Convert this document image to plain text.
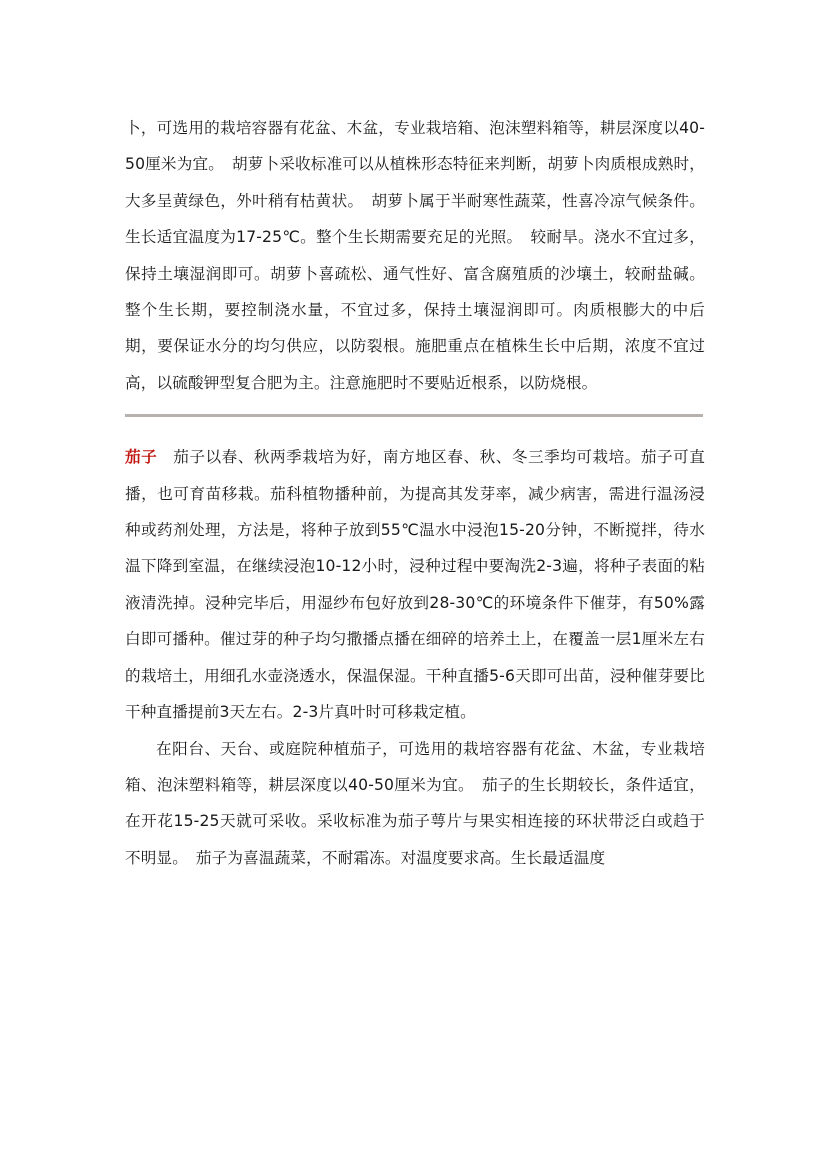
卜，可选用的栽培容器有花盆、木盆，专业栽培箱、泡沫塑料箱等，耕层深度以40-50厘米为宜。　胡萝卜采收标准可以从植株形态特征来判断，胡萝卜肉质根成熟时，大多呈黄绿色，外叶稍有枯黄状。　胡萝卜属于半耐寒性蔬菜，性喜冷凉气候条件。生长适宜温度为17-25℃。整个生长期需要充足的光照。　较耐旱。浇水不宜过多，保持土壤湿润即可。胡萝卜喜疏松、通气性好、富含腐殖质的沙壤土，较耐盐碱。整个生长期，要控制浇水量，不宜过多，保持土壤湿润即可。肉质根膨大的中后期，要保证水分的均匀供应，以防裂根。施肥重点在植株生长中后期，浓度不宜过高，以硫酸钾型复合肥为主。注意施肥时不要贴近根系，以防烧根。

茄子 茄子以春、秋两季栽培为好，南方地区春、秋、冬三季均可栽培。茄子可直播，也可育苗移栽。茄科植物播种前，为提高其发芽率，减少病害，需进行温汤浸种或药剂处理，方法是，将种子放到55℃温水中浸泡15-20分钟，不断搅拌，待水温下降到室温，在继续浸泡10-12小时，浸种过程中要淘洗2-3遍，将种子表面的粘液清洗掉。浸种完毕后，用湿纱布包好放到28-30℃的环境条件下催芽，有50%露白即可播种。催过芽的种子均匀撒播点播在细碎的培养土上，在覆盖一层1厘米左右的栽培土，用细孔水壶浇透水，保温保湿。干种直播5-6天即可出苗，浸种催芽要比干种直播提前3天左右。2-3片真叶时可移栽定植。

在阳台、天台、或庭院种植茄子，可选用的栽培容器有花盆、木盆，专业栽培箱、泡沫塑料箱等，耕层深度以40-50厘米为宜。　茄子的生长期较长，条件适宜，在开花15-25天就可采收。采收标准为茄子萼片与果实相连接的环状带泛白或趋于不明显。　茄子为喜温蔬菜，不耐霜冻。对温度要求高。生长最适温度
